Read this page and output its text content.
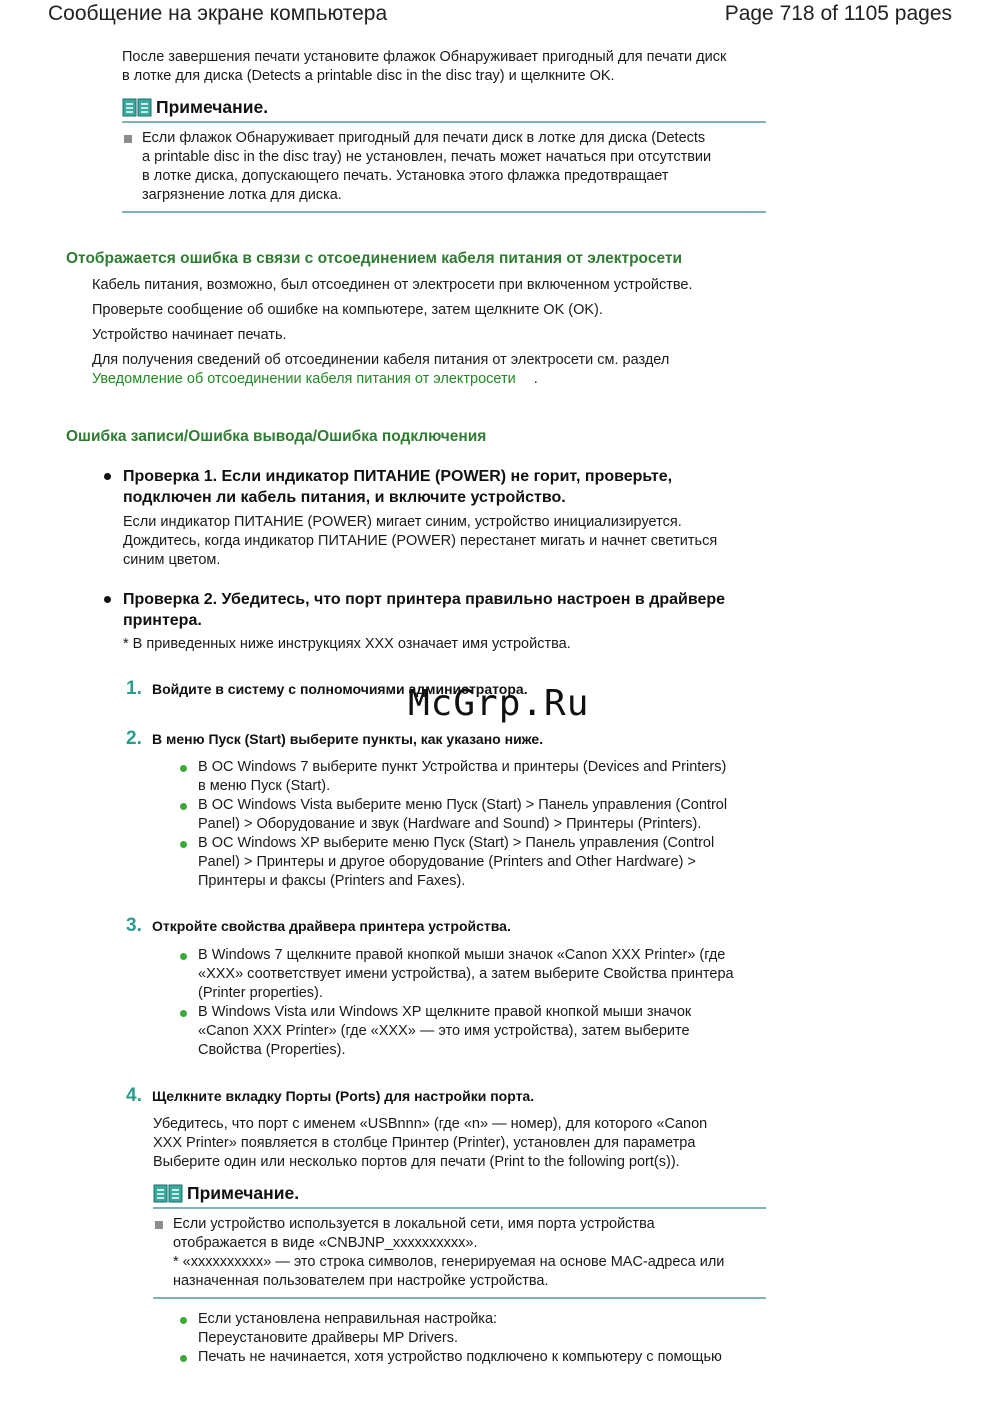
Сообщение на экране компьютера	Page 718 of 1105 pages
После завершения печати установите флажок Обнаруживает пригодный для печати диск
в лотке для диска (Detects a printable disc in the disc tray) и щелкните OK.
Примечание.
Если флажок Обнаруживает пригодный для печати диск в лотке для диска (Detects
a printable disc in the disc tray) не установлен, печать может начаться при отсутствии
в лотке диска, допускающего печать. Установка этого флажка предотвращает
загрязнение лотка для диска.
Отображается ошибка в связи с отсоединением кабеля питания от электросети
Кабель питания, возможно, был отсоединен от электросети при включенном устройстве.
Проверьте сообщение об ошибке на компьютере, затем щелкните OK (OK).
Устройство начинает печать.
Для получения сведений об отсоединении кабеля питания от электросети см. раздел
Уведомление об отсоединении кабеля питания от электросети .
Ошибка записи/Ошибка вывода/Ошибка подключения
Проверка 1. Если индикатор ПИТАНИЕ (POWER) не горит, проверьте,
подключен ли кабель питания, и включите устройство.
Если индикатор ПИТАНИЕ (POWER) мигает синим, устройство инициализируется.
Дождитесь, когда индикатор ПИТАНИЕ (POWER) перестанет мигать и начнет светиться
синим цветом.
Проверка 2. Убедитесь, что порт принтера правильно настроен в драйвере
принтера.
* В приведенных ниже инструкциях XXX означает имя устройства.
1. Войдите в систему с полномочиями администратора.
2. В меню Пуск (Start) выберите пункты, как указано ниже.
В ОС Windows 7 выберите пункт Устройства и принтеры (Devices and Printers)
в меню Пуск (Start).
В ОС Windows Vista выберите меню Пуск (Start) > Панель управления (Control
Panel) > Оборудование и звук (Hardware and Sound) > Принтеры (Printers).
В ОС Windows XP выберите меню Пуск (Start) > Панель управления (Control
Panel) > Принтеры и другое оборудование (Printers and Other Hardware) >
Принтеры и факсы (Printers and Faxes).
3. Откройте свойства драйвера принтера устройства.
В Windows 7 щелкните правой кнопкой мыши значок «Canon XXX Printer» (где
«XXX» соответствует имени устройства), а затем выберите Свойства принтера
(Printer properties).
В Windows Vista или Windows XP щелкните правой кнопкой мыши значок
«Canon XXX Printer» (где «XXX» — это имя устройства), затем выберите
Свойства (Properties).
4. Щелкните вкладку Порты (Ports) для настройки порта.
Убедитесь, что порт с именем «USBnnn» (где «n» — номер), для которого «Canon
XXX Printer» появляется в столбце Принтер (Printer), установлен для параметра
Выберите один или несколько портов для печати (Print to the following port(s)).
Примечание.
Если устройство используется в локальной сети, имя порта устройства
отображается в виде «CNBJNP_xxxxxxxxxx».
* «xxxxxxxxxx» — это строка символов, генерируемая на основе MAC-адреса или
назначенная пользователем при настройке устройства.
Если установлена неправильная настройка:
Переустановите драйверы MP Drivers.
Печать не начинается, хотя устройство подключено к компьютеру с помощью
McGrp.Ru
